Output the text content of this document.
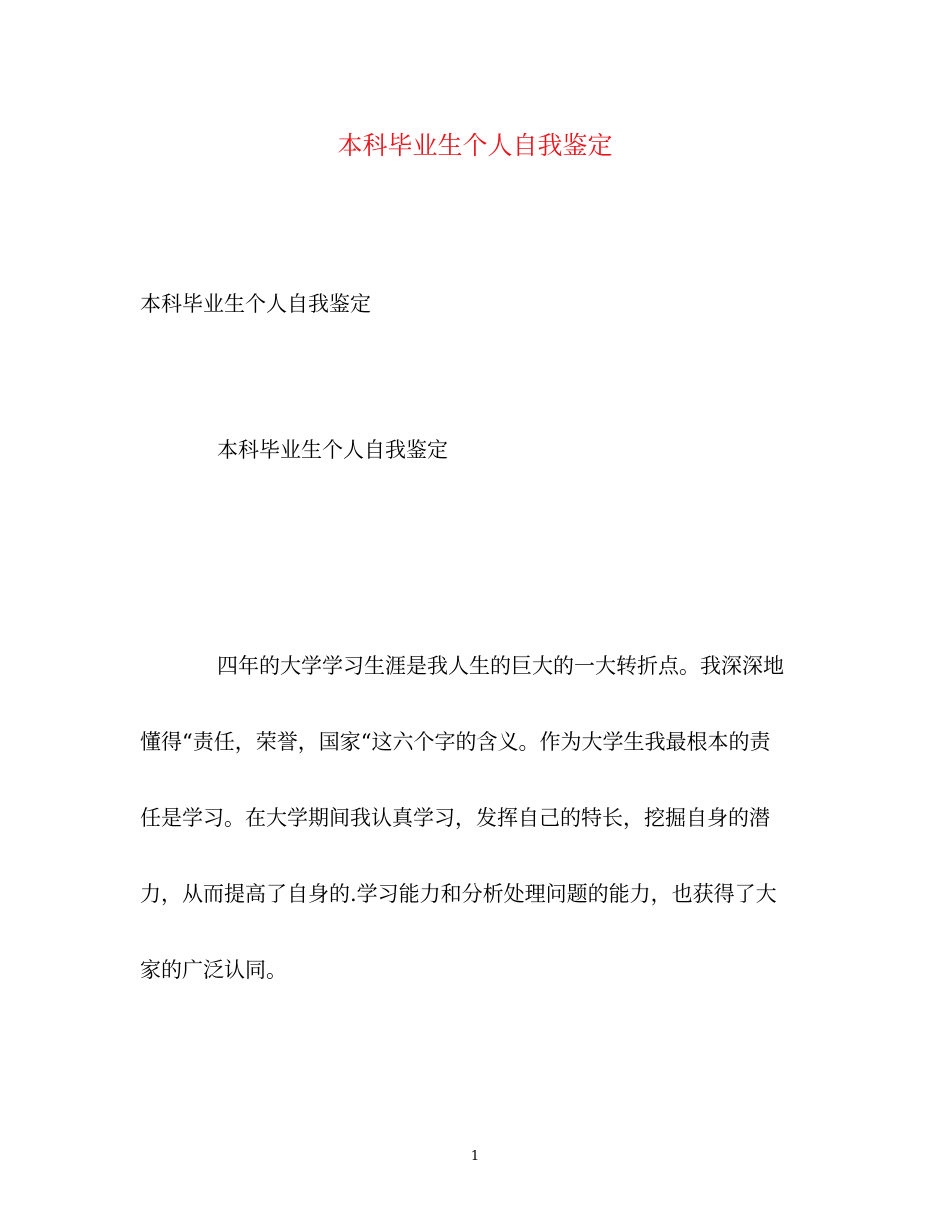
本科毕业生个人自我鉴定

本科毕业生个人自我鉴定

本科毕业生个人自我鉴定

四年的大学学习生涯是我人生的巨大的一大转折点。我深深地
懂得“责任，荣誉，国家“这六个字的含义。作为大学生我最根本的责
任是学习。在大学期间我认真学习，发挥自己的特长，挖掘自身的潜
力，从而提高了自身的.学习能力和分析处理问题的能力，也获得了大
家的广泛认同。
1
